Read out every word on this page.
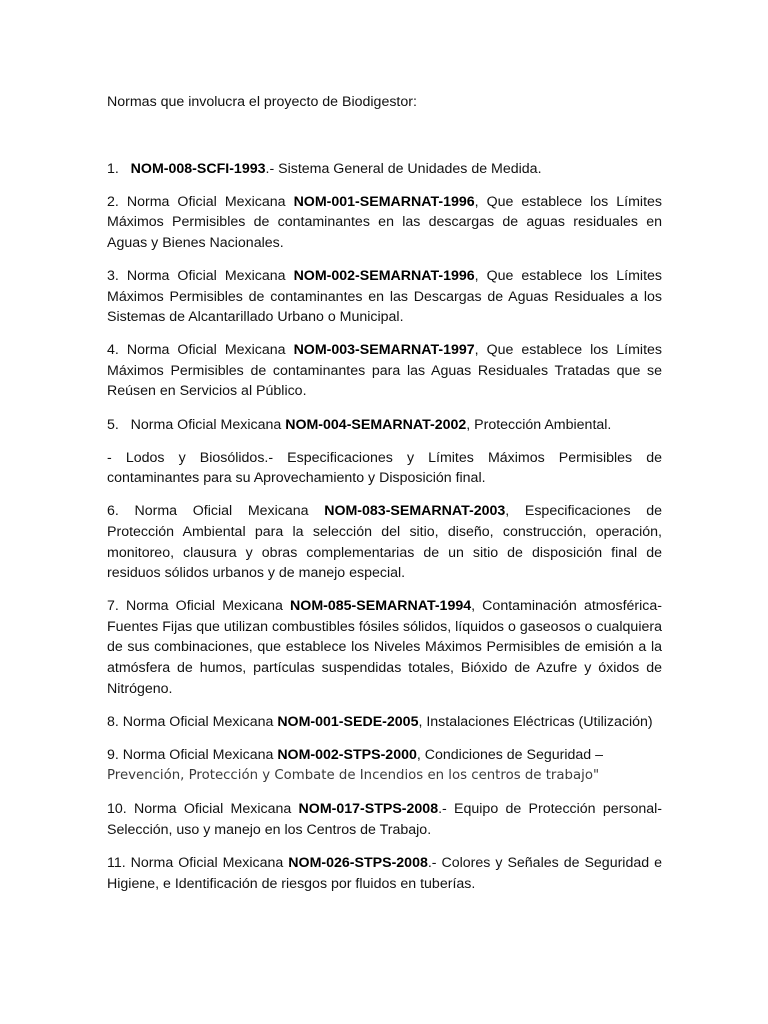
Normas que involucra el proyecto de Biodigestor:

1.   NOM-008-SCFI-1993.- Sistema General de Unidades de Medida.

2. Norma Oficial Mexicana NOM-001-SEMARNAT-1996, Que establece los Límites Máximos Permisibles de contaminantes en las descargas de aguas residuales en Aguas y Bienes Nacionales.

3. Norma Oficial Mexicana NOM-002-SEMARNAT-1996, Que establece los Límites Máximos Permisibles de contaminantes en las Descargas de Aguas Residuales a los Sistemas de Alcantarillado Urbano o Municipal.

4. Norma Oficial Mexicana NOM-003-SEMARNAT-1997, Que establece los Límites Máximos Permisibles de contaminantes para las Aguas Residuales Tratadas que se Reúsen en Servicios al Público.

5.   Norma Oficial Mexicana NOM-004-SEMARNAT-2002, Protección Ambiental.

- Lodos y Biosólidos.- Especificaciones y Límites Máximos Permisibles de contaminantes para su Aprovechamiento y Disposición final.

6. Norma Oficial Mexicana NOM-083-SEMARNAT-2003, Especificaciones de Protección Ambiental para la selección del sitio, diseño, construcción, operación, monitoreo, clausura y obras complementarias de un sitio de disposición final de residuos sólidos urbanos y de manejo especial.

7. Norma Oficial Mexicana NOM-085-SEMARNAT-1994, Contaminación atmosférica- Fuentes Fijas que utilizan combustibles fósiles sólidos, líquidos o gaseosos o cualquiera de sus combinaciones, que establece los Niveles Máximos Permisibles de emisión a la atmósfera de humos, partículas suspendidas totales, Bióxido de Azufre y óxidos de Nitrógeno.

8. Norma Oficial Mexicana NOM-001-SEDE-2005, Instalaciones Eléctricas (Utilización)

9. Norma Oficial Mexicana NOM-002-STPS-2000, Condiciones de Seguridad –
Prevención, Protección y Combate de Incendios en los centros de trabajo"

10. Norma Oficial Mexicana NOM-017-STPS-2008.- Equipo de Protección personal- Selección, uso y manejo en los Centros de Trabajo.

11. Norma Oficial Mexicana NOM-026-STPS-2008.- Colores y Señales de Seguridad e Higiene, e Identificación de riesgos por fluidos en tuberías.
